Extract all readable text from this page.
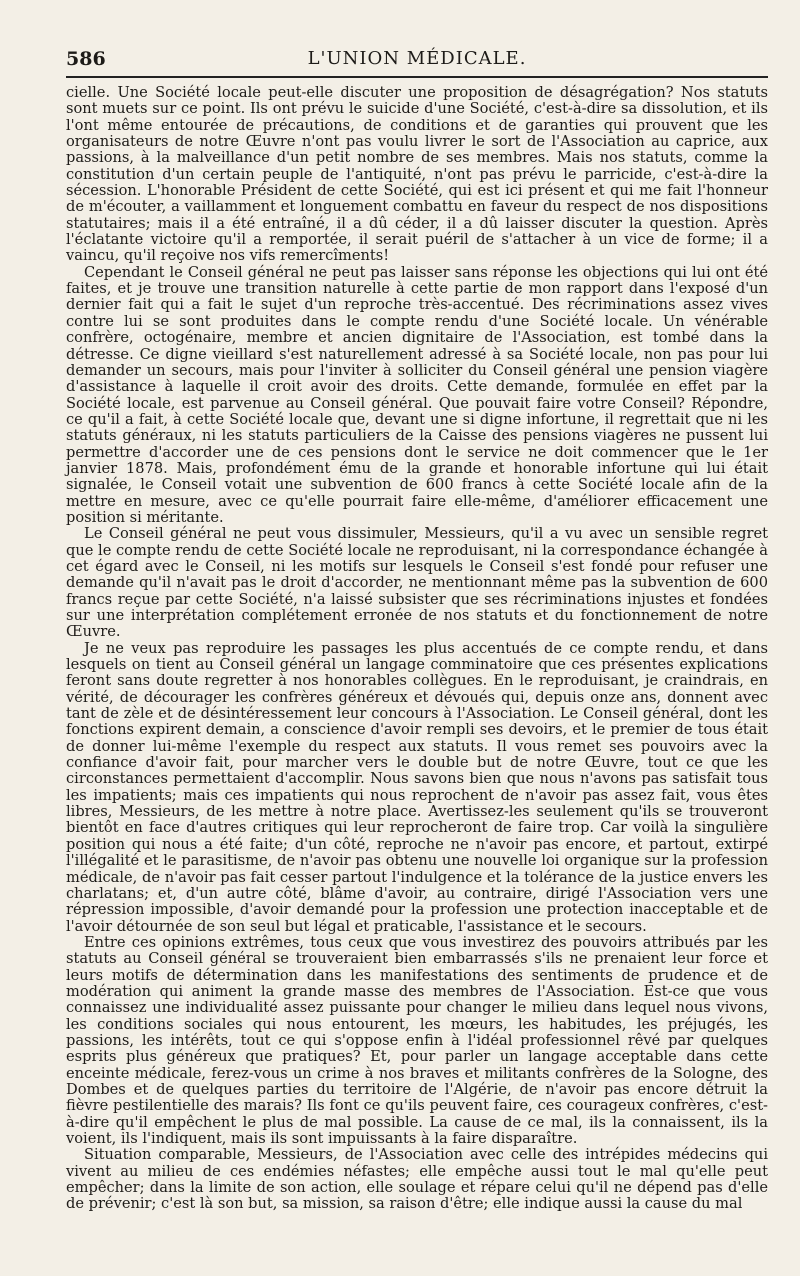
586	L'UNION MÉDICALE.

cielle. Une Société locale peut-elle discuter une proposition de désagrégation? Nos statuts sont muets sur ce point. Ils ont prévu le suicide d'une Société, c'est-à-dire sa dissolution, et ils l'ont même entourée de précautions, de conditions et de garanties qui prouvent que les organisateurs de notre Œuvre n'ont pas voulu livrer le sort de l'Association au caprice, aux passions, à la malveillance d'un petit nombre de ses membres. Mais nos statuts, comme la constitution d'un certain peuple de l'antiquité, n'ont pas prévu le parricide, c'est-à-dire la sécession. L'honorable Président de cette Société, qui est ici présent et qui me fait l'honneur de m'écouter, a vaillamment et longuement combattu en faveur du respect de nos dispositions statutaires; mais il a été entraîné, il a dû céder, il a dû laisser discuter la question. Après l'éclatante victoire qu'il a remportée, il serait puéril de s'attacher à un vice de forme; il a vaincu, qu'il reçoive nos vifs remercîments!

Cependant le Conseil général ne peut pas laisser sans réponse les objections qui lui ont été faites, et je trouve une transition naturelle à cette partie de mon rapport dans l'exposé d'un dernier fait qui a fait le sujet d'un reproche très-accentué. Des récriminations assez vives contre lui se sont produites dans le compte rendu d'une Société locale. Un vénérable confrère, octogénaire, membre et ancien dignitaire de l'Association, est tombé dans la détresse. Ce digne vieillard s'est naturellement adressé à sa Société locale, non pas pour lui demander un secours, mais pour l'inviter à solliciter du Conseil général une pension viagère d'assistance à laquelle il croit avoir des droits. Cette demande, formulée en effet par la Société locale, est parvenue au Conseil général. Que pouvait faire votre Conseil? Répondre, ce qu'il a fait, à cette Société locale que, devant une si digne infortune, il regrettait que ni les statuts généraux, ni les statuts particuliers de la Caisse des pensions viagères ne pussent lui permettre d'accorder une de ces pensions dont le service ne doit commencer que le 1er janvier 1878. Mais, profondément ému de la grande et honorable infortune qui lui était signalée, le Conseil votait une subvention de 600 francs à cette Société locale afin de la mettre en mesure, avec ce qu'elle pourrait faire elle-même, d'améliorer efficacement une position si méritante.

Le Conseil général ne peut vous dissimuler, Messieurs, qu'il a vu avec un sensible regret que le compte rendu de cette Société locale ne reproduisant, ni la correspondance échangée à cet égard avec le Conseil, ni les motifs sur lesquels le Conseil s'est fondé pour refuser une demande qu'il n'avait pas le droit d'accorder, ne mentionnant même pas la subvention de 600 francs reçue par cette Société, n'a laissé subsister que ses récriminations injustes et fondées sur une interprétation complétement erronée de nos statuts et du fonctionnement de notre Œuvre.

Je ne veux pas reproduire les passages les plus accentués de ce compte rendu, et dans lesquels on tient au Conseil général un langage comminatoire que ces présentes explications feront sans doute regretter à nos honorables collègues. En le reproduisant, je craindrais, en vérité, de décourager les confrères généreux et dévoués qui, depuis onze ans, donnent avec tant de zèle et de désintéressement leur concours à l'Association. Le Conseil général, dont les fonctions expirent demain, a conscience d'avoir rempli ses devoirs, et le premier de tous était de donner lui-même l'exemple du respect aux statuts. Il vous remet ses pouvoirs avec la confiance d'avoir fait, pour marcher vers le double but de notre Œuvre, tout ce que les circonstances permettaient d'accomplir. Nous savons bien que nous n'avons pas satisfait tous les impatients; mais ces impatients qui nous reprochent de n'avoir pas assez fait, vous êtes libres, Messieurs, de les mettre à notre place. Avertissez-les seulement qu'ils se trouveront bientôt en face d'autres critiques qui leur reprocheront de faire trop. Car voilà la singulière position qui nous a été faite; d'un côté, reproche ne n'avoir pas encore, et partout, extirpé l'illégalité et le parasitisme, de n'avoir pas obtenu une nouvelle loi organique sur la profession médicale, de n'avoir pas fait cesser partout l'indulgence et la tolérance de la justice envers les charlatans; et, d'un autre côté, blâme d'avoir, au contraire, dirigé l'Association vers une répression impossible, d'avoir demandé pour la profession une protection inacceptable et de l'avoir détournée de son seul but légal et praticable, l'assistance et le secours.

Entre ces opinions extrêmes, tous ceux que vous investirez des pouvoirs attribués par les statuts au Conseil général se trouveraient bien embarrassés s'ils ne prenaient leur force et leurs motifs de détermination dans les manifestations des sentiments de prudence et de modération qui animent la grande masse des membres de l'Association. Est-ce que vous connaissez une individualité assez puissante pour changer le milieu dans lequel nous vivons, les conditions sociales qui nous entourent, les mœurs, les habitudes, les préjugés, les passions, les intérêts, tout ce qui s'oppose enfin à l'idéal professionnel rêvé par quelques esprits plus généreux que pratiques? Et, pour parler un langage acceptable dans cette enceinte médicale, ferez-vous un crime à nos braves et militants confrères de la Sologne, des Dombes et de quelques parties du territoire de l'Algérie, de n'avoir pas encore détruit la fièvre pestilentielle des marais? Ils font ce qu'ils peuvent faire, ces courageux confrères, c'est-à-dire qu'il empêchent le plus de mal possible. La cause de ce mal, ils la connaissent, ils la voient, ils l'indiquent, mais ils sont impuissants à la faire disparaître.

Situation comparable, Messieurs, de l'Association avec celle des intrépides médecins qui vivent au milieu de ces endémies néfastes; elle empêche aussi tout le mal qu'elle peut empêcher; dans la limite de son action, elle soulage et répare celui qu'il ne dépend pas d'elle de prévenir; c'est là son but, sa mission, sa raison d'être; elle indique aussi la cause du mal
